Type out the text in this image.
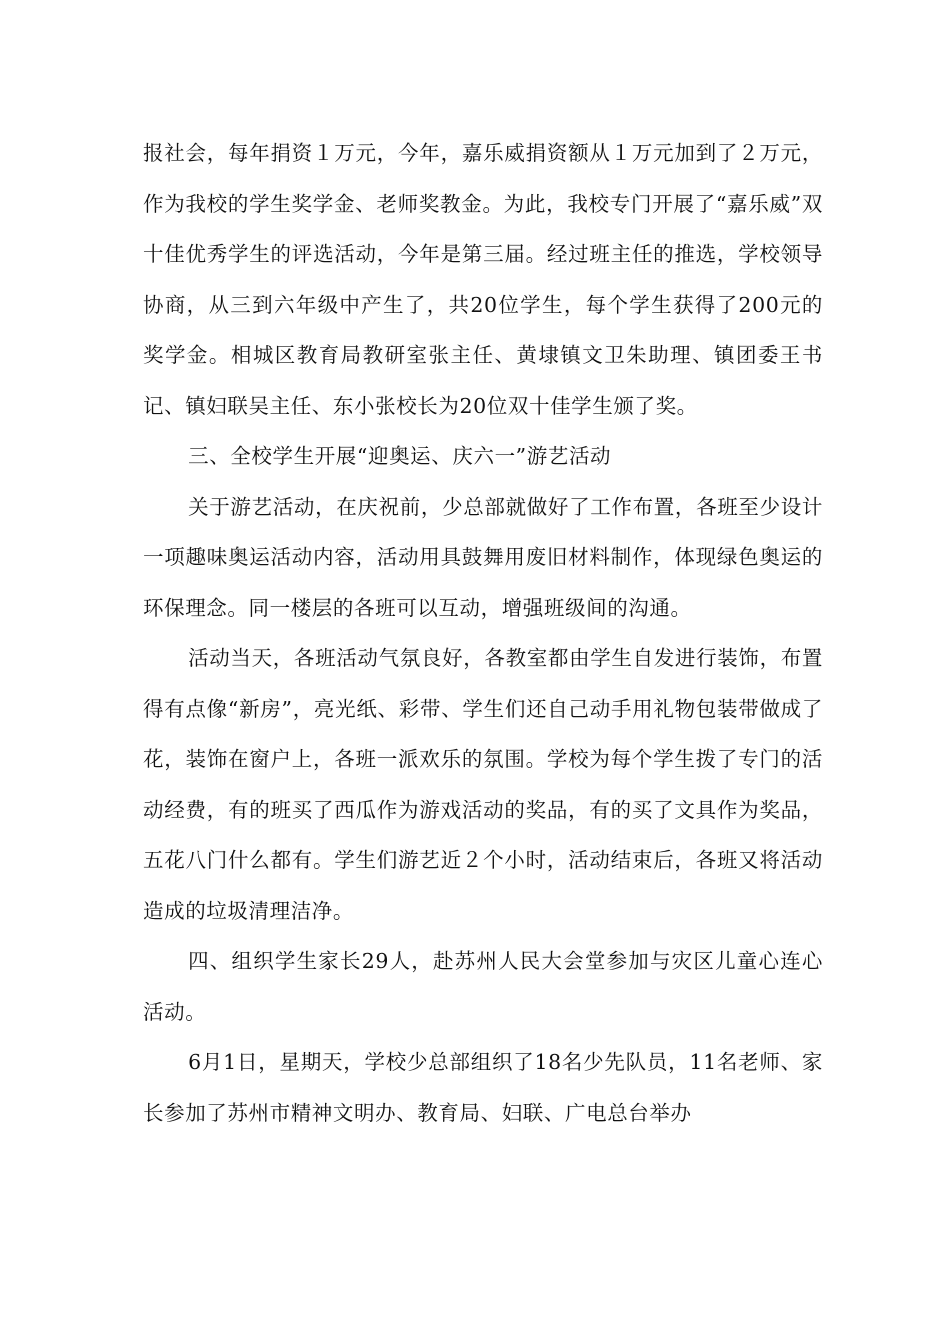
报社会，每年捐资１万元，今年，嘉乐威捐资额从１万元加到了２万元，作为我校的学生奖学金、老师奖教金。为此，我校专门开展了“嘉乐威”双十佳优秀学生的评选活动，今年是第三届。经过班主任的推选，学校领导协商，从三到六年级中产生了，共20位学生，每个学生获得了200元的奖学金。相城区教育局教研室张主任、黄埭镇文卫朱助理、镇团委王书记、镇妇联吴主任、东小张校长为20位双十佳学生颁了奖。

三、全校学生开展“迎奥运、庆六一”游艺活动

关于游艺活动，在庆祝前，少总部就做好了工作布置，各班至少设计一项趣味奥运活动内容，活动用具鼓舞用废旧材料制作，体现绿色奥运的环保理念。同一楼层的各班可以互动，增强班级间的沟通。

活动当天，各班活动气氛良好，各教室都由学生自发进行装饰，布置得有点像“新房”，亮光纸、彩带、学生们还自己动手用礼物包装带做成了花，装饰在窗户上，各班一派欢乐的氛围。学校为每个学生拨了专门的活动经费，有的班买了西瓜作为游戏活动的奖品，有的买了文具作为奖品，五花八门什么都有。学生们游艺近２个小时，活动结束后，各班又将活动造成的垃圾清理洁净。

四、组织学生家长29人，赴苏州人民大会堂参加与灾区儿童心连心活动。

6月1日，星期天，学校少总部组织了18名少先队员，11名老师、家长参加了苏州市精神文明办、教育局、妇联、广电总台举办
